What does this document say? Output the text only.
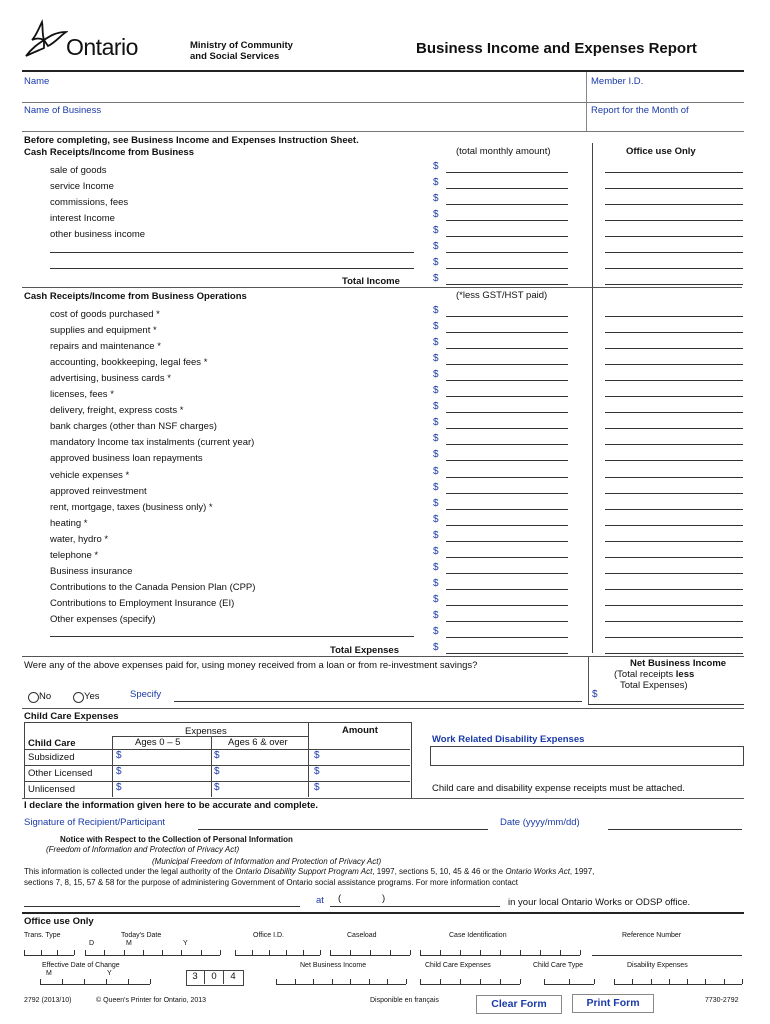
Ontario	Ministry of Community
and Social Services	Business Income and Expenses Report
Name	Member I.D.
Name of Business	Report for the Month of
Before completing, see Business Income and Expenses Instruction Sheet.
Cash Receipts/Income from Business	(total monthly amount)	Office use Only
sale of goods	$
service Income	$
commissions, fees	$
interest Income	$
other business income	$
$
$
$
Total Income
Cash Receipts/Income from Business Operations	(*less GST/HST paid)
cost of goods purchased *	$
supplies and equipment *	$
repairs and maintenance *	$
accounting, bookkeeping, legal fees *	$
advertising, business cards *	$
licenses, fees *	$
delivery, freight, express costs *	$
bank charges (other than NSF charges)	$
mandatory Income tax instalments (current year)	$
approved business loan repayments	$
vehicle expenses *	$
approved reinvestment	$
rent, mortgage, taxes (business only) *	$
heating *	$
water, hydro *	$
telephone *	$
Business insurance	$
Contributions to the Canada Pension Plan (CPP)	$
Contributions to Employment Insurance (EI)	$
Other expenses (specify)	$
$
$
Total Expenses
Were any of the above expenses paid for, using money received from a loan or from re-investment savings?	Net Business Income
(Total receipts less
Total Expenses)
$
No	Yes	Specify
Child Care Expenses
Expenses	Amount
Child Care	Ages 0 – 5	Ages 6 & over
Subsidized	$	$	$
Other Licensed $	$	$
Unlicensed	$	$	$
Work Related Disability Expenses
Child care and disability expense receipts must be attached.
I declare the information given here to be accurate and complete.
Signature of Recipient/Participant	Date (yyyy/mm/dd)
Notice with Respect to the Collection of Personal Information
(Freedom of Information and Protection of Privacy Act)
(Municipal Freedom of Information and Protection of Privacy Act)
This information is collected under the legal authority of the Ontario Disability Support Program Act, 1997, sections 5, 10, 45 & 46 or the Ontario Works Act, 1997,
sections 7, 8, 15, 57 & 58 for the purpose of administering Government of Ontario social assistance programs. For more information contact
at (	)	in your local Ontario Works or ODSP office.
Office use Only
Trans. Type	Today's Date
D	M	Y
Office I.D.	Caseload	Case Identification	Reference Number
Effective Date of Change
M	Y
Net Business Income	Child Care Expenses	Child Care Type	Disability Expenses
3	0	4
2792 (2013/10)	© Queen's Printer for Ontario, 2013	Disponible en français	Clear Form	Print Form	7730-2792
